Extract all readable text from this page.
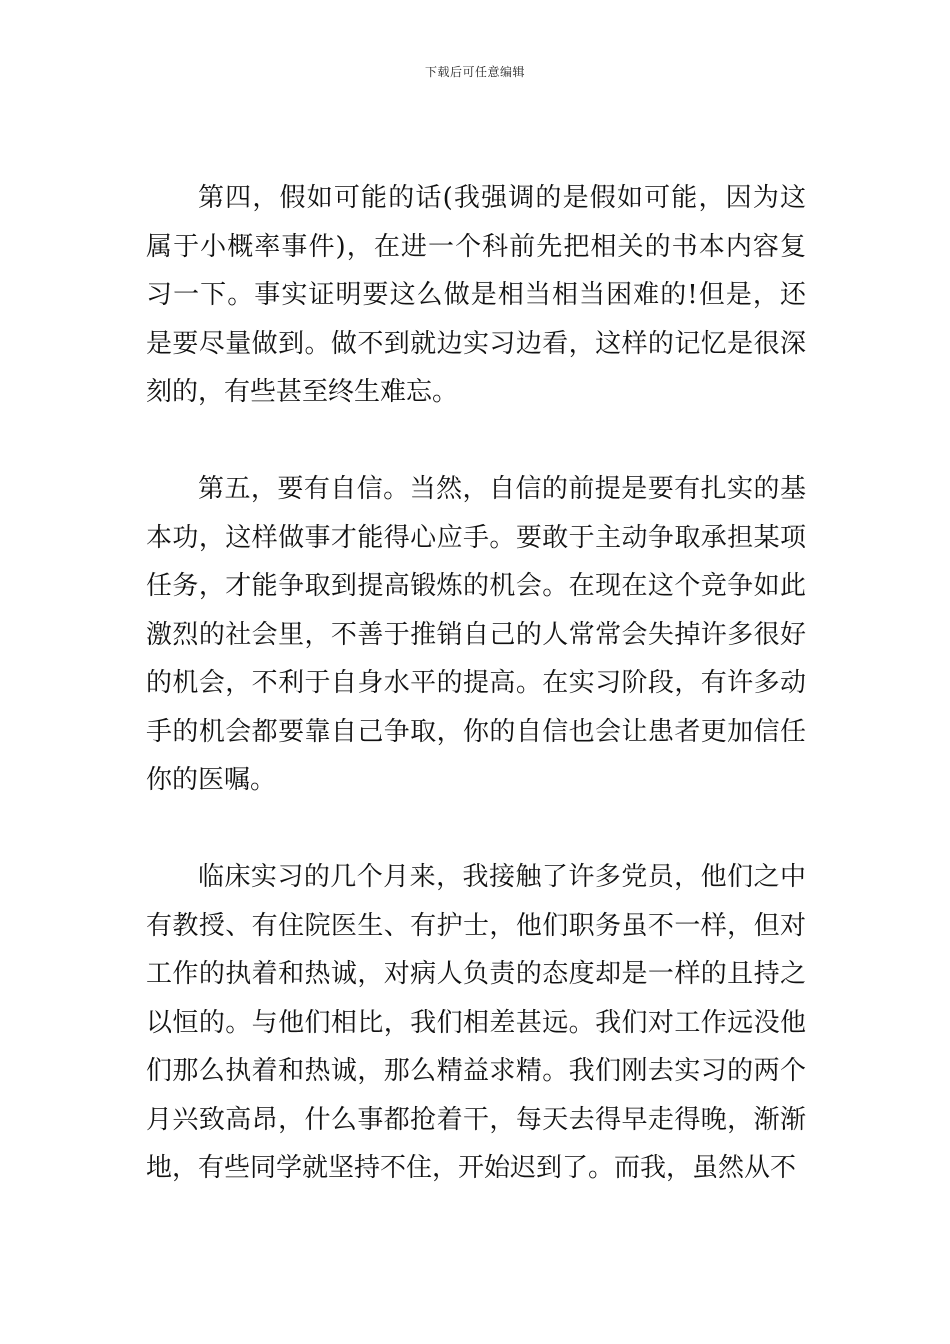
下载后可任意编辑

第四，假如可能的话(我强调的是假如可能，因为这属于小概率事件)，在进一个科前先把相关的书本内容复习一下。事实证明要这么做是相当相当困难的!但是，还是要尽量做到。做不到就边实习边看，这样的记忆是很深刻的，有些甚至终生难忘。

第五，要有自信。当然，自信的前提是要有扎实的基本功，这样做事才能得心应手。要敢于主动争取承担某项任务，才能争取到提高锻炼的机会。在现在这个竞争如此激烈的社会里，不善于推销自己的人常常会失掉许多很好的机会，不利于自身水平的提高。在实习阶段，有许多动手的机会都要靠自己争取，你的自信也会让患者更加信任你的医嘱。

临床实习的几个月来，我接触了许多党员，他们之中有教授、有住院医生、有护士，他们职务虽不一样，但对工作的执着和热诚，对病人负责的态度却是一样的且持之以恒的。与他们相比，我们相差甚远。我们对工作远没他们那么执着和热诚，那么精益求精。我们刚去实习的两个月兴致高昂，什么事都抢着干，每天去得早走得晚，渐渐地，有些同学就坚持不住，开始迟到了。而我，虽然从不
